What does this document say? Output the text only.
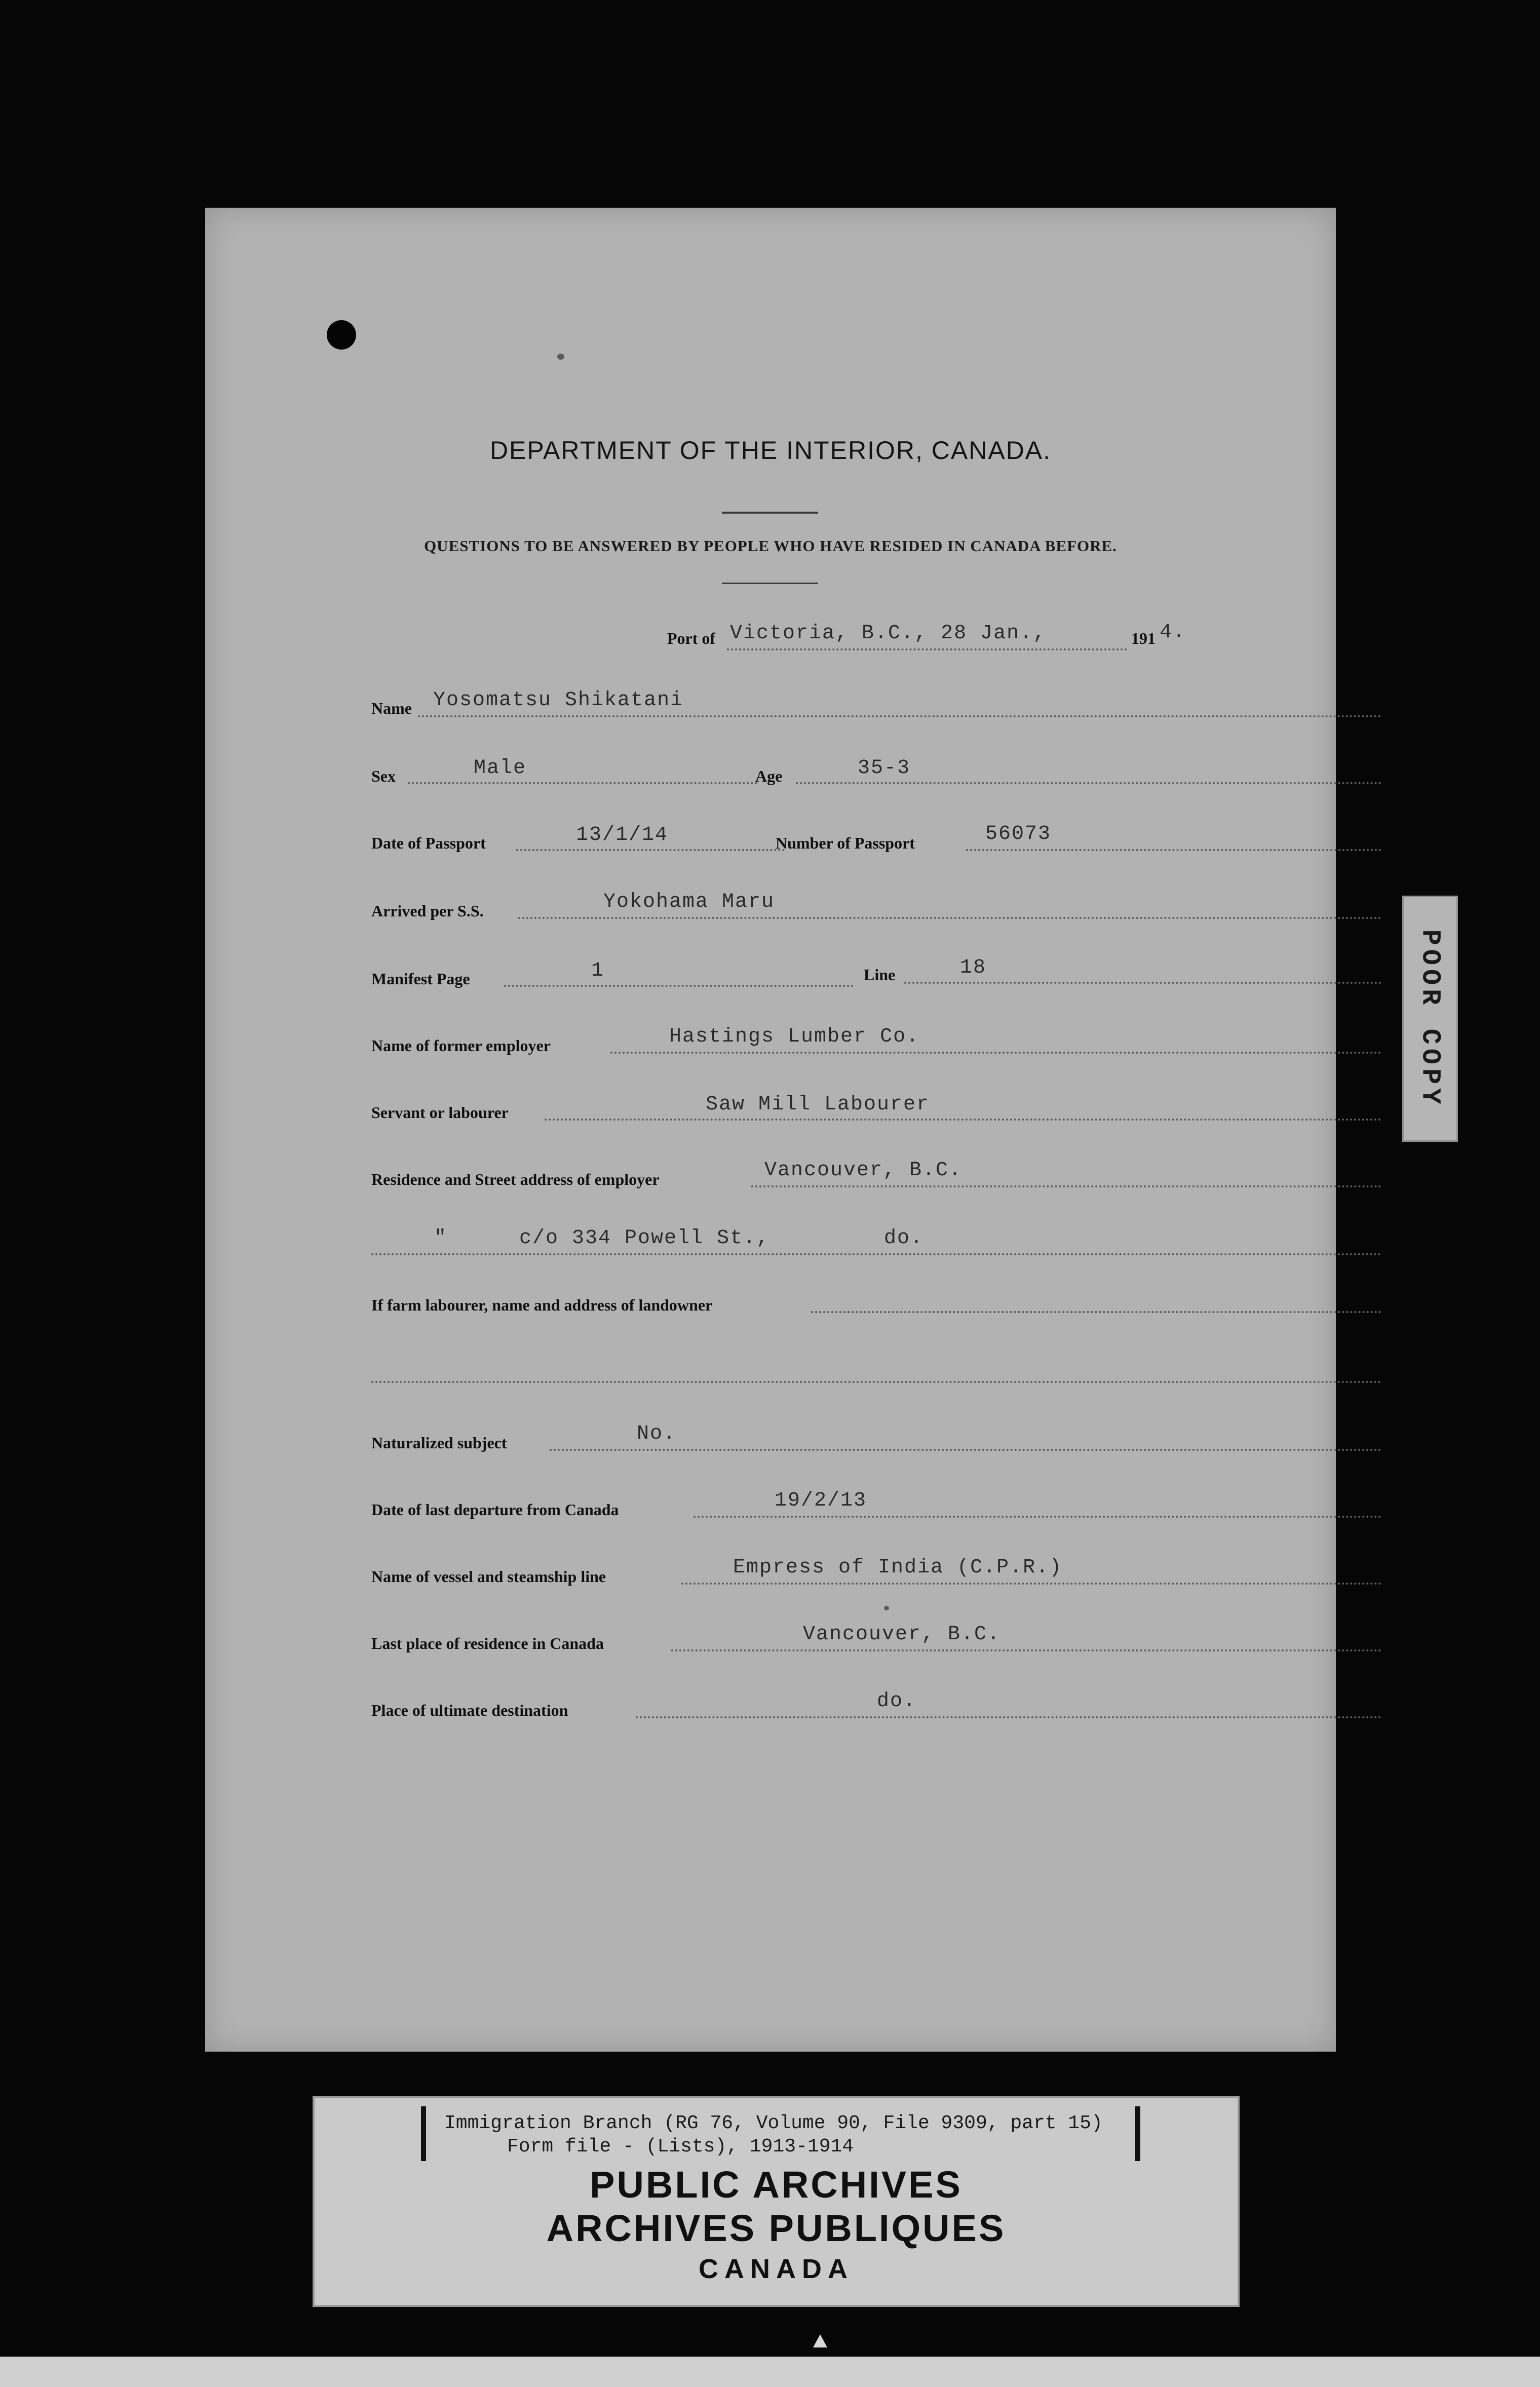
DEPARTMENT OF THE INTERIOR, CANADA.
QUESTIONS TO BE ANSWERED BY PEOPLE WHO HAVE RESIDED IN CANADA BEFORE.
Port of Victoria, B.C., 28 Jan.,	191 4.
Name Yosomatsu Shikatani
Sex	Male	Age	35-3
Date of Passport	13/1/14	Number of Passport	56073
Arrived per S.S.	Yokohama Maru
Manifest Page	1	Line	18
Name of former employer	Hastings Lumber Co.
Servant or labourer	Saw Mill Labourer
Residence and Street address of employer	Vancouver, B.C.
"	c/o 334 Powell St.,	do.
If farm labourer, name and address of landowner
Naturalized subject	No.
Date of last departure from Canada	19/2/13
Name of vessel and steamship line	Empress of India (C.P.R.)
Last place of residence in Canada	Vancouver, B.C.
Place of ultimate destination	do.
POOR COPY
Immigration Branch (RG 76, Volume 90, File 9309, part 15)
Form file - (Lists), 1913-1914
PUBLIC ARCHIVES
ARCHIVES PUBLIQUES
CANADA
